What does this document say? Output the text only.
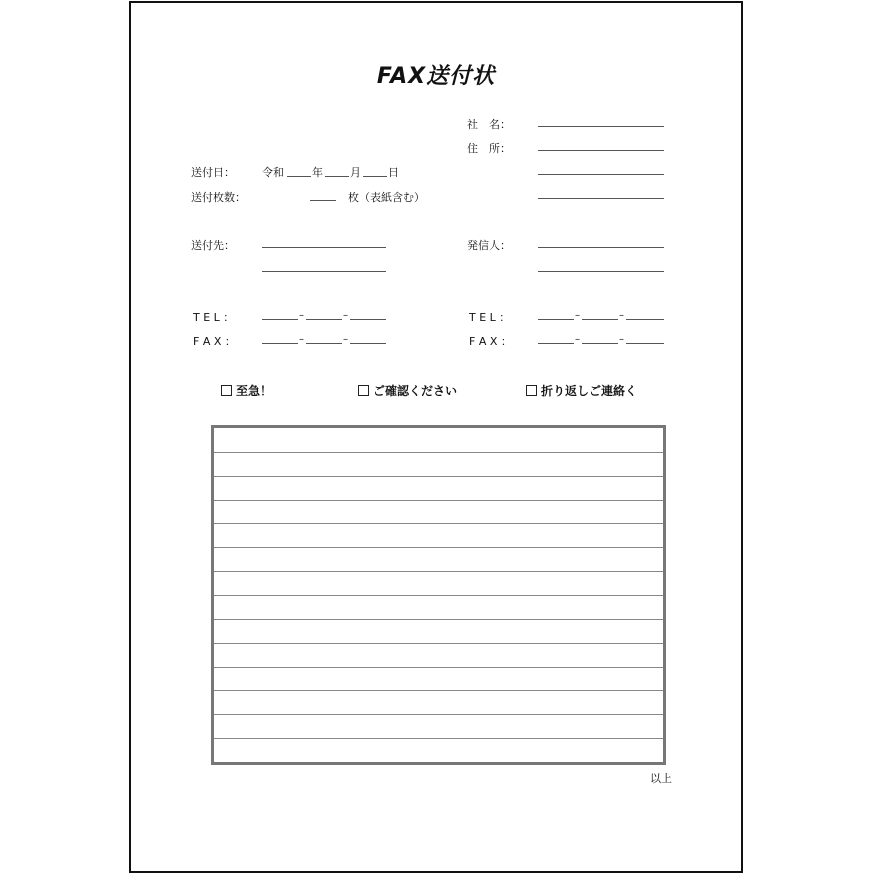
FAX送付状
社　名：
住　所：
送付日： 令和	年 月 日
送付枚数：	枚（表紙含む）
送付先：	発信人：
T E L ：	–	–
F A X ：	–	–
T E L ：	–	–
F A X ：	–	–
至急！	ご確認ください	折り返しご連絡く
以上
